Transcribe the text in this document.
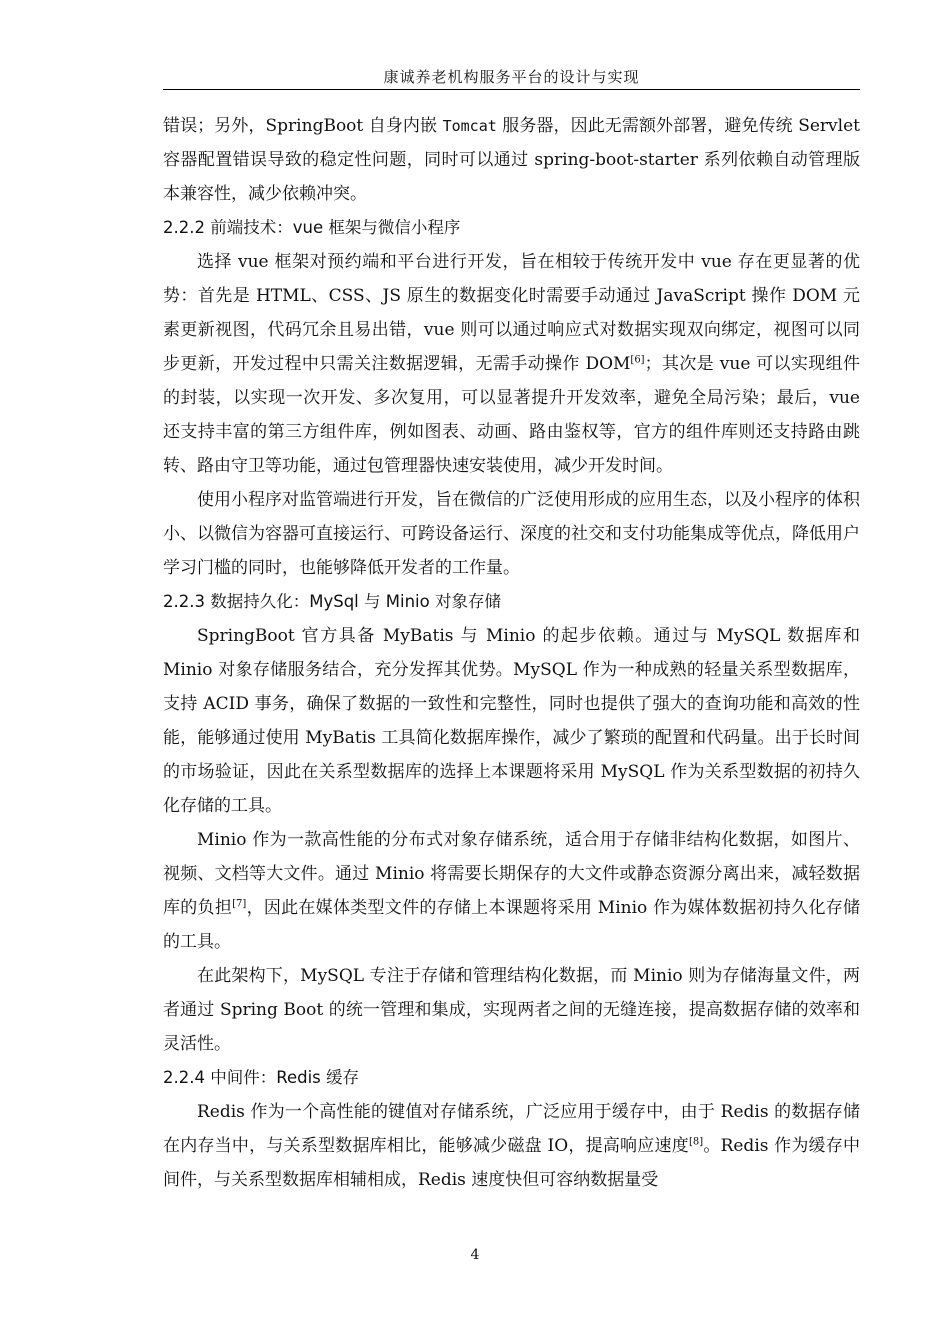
康诚养老机构服务平台的设计与实现

错误；另外，SpringBoot 自身内嵌 Tomcat 服务器，因此无需额外部署，避免传统 Servlet 容器配置错误导致的稳定性问题，同时可以通过 spring-boot-starter 系列依赖自动管理版本兼容性，减少依赖冲突。

2.2.2 前端技术：vue 框架与微信小程序

选择 vue 框架对预约端和平台进行开发，旨在相较于传统开发中 vue 存在更显著的优势：首先是 HTML、CSS、JS 原生的数据变化时需要手动通过 JavaScript 操作 DOM 元素更新视图，代码冗余且易出错，vue 则可以通过响应式对数据实现双向绑定，视图可以同步更新，开发过程中只需关注数据逻辑，无需手动操作 DOM[6]；其次是 vue 可以实现组件的封装，以实现一次开发、多次复用，可以显著提升开发效率，避免全局污染；最后，vue 还支持丰富的第三方组件库，例如图表、动画、路由鉴权等，官方的组件库则还支持路由跳转、路由守卫等功能，通过包管理器快速安装使用，减少开发时间。

使用小程序对监管端进行开发，旨在微信的广泛使用形成的应用生态，以及小程序的体积小、以微信为容器可直接运行、可跨设备运行、深度的社交和支付功能集成等优点，降低用户学习门槛的同时，也能够降低开发者的工作量。

2.2.3 数据持久化：MySql 与 Minio 对象存储

SpringBoot 官方具备 MyBatis 与 Minio 的起步依赖。通过与 MySQL 数据库和 Minio 对象存储服务结合，充分发挥其优势。MySQL 作为一种成熟的轻量关系型数据库，支持 ACID 事务，确保了数据的一致性和完整性，同时也提供了强大的查询功能和高效的性能，能够通过使用 MyBatis 工具简化数据库操作，减少了繁琐的配置和代码量。出于长时间的市场验证，因此在关系型数据库的选择上本课题将采用 MySQL 作为关系型数据的初持久化存储的工具。

Minio 作为一款高性能的分布式对象存储系统，适合用于存储非结构化数据，如图片、视频、文档等大文件。通过 Minio 将需要长期保存的大文件或静态资源分离出来，减轻数据库的负担[7]，因此在媒体类型文件的存储上本课题将采用 Minio 作为媒体数据初持久化存储的工具。

在此架构下，MySQL 专注于存储和管理结构化数据，而 Minio 则为存储海量文件，两者通过 Spring Boot 的统一管理和集成，实现两者之间的无缝连接，提高数据存储的效率和灵活性。

2.2.4 中间件：Redis 缓存

Redis 作为一个高性能的键值对存储系统，广泛应用于缓存中，由于 Redis 的数据存储在内存当中，与关系型数据库相比，能够减少磁盘 IO，提高响应速度[8]。Redis 作为缓存中间件，与关系型数据库相辅相成，Redis 速度快但可容纳数据量受

4
